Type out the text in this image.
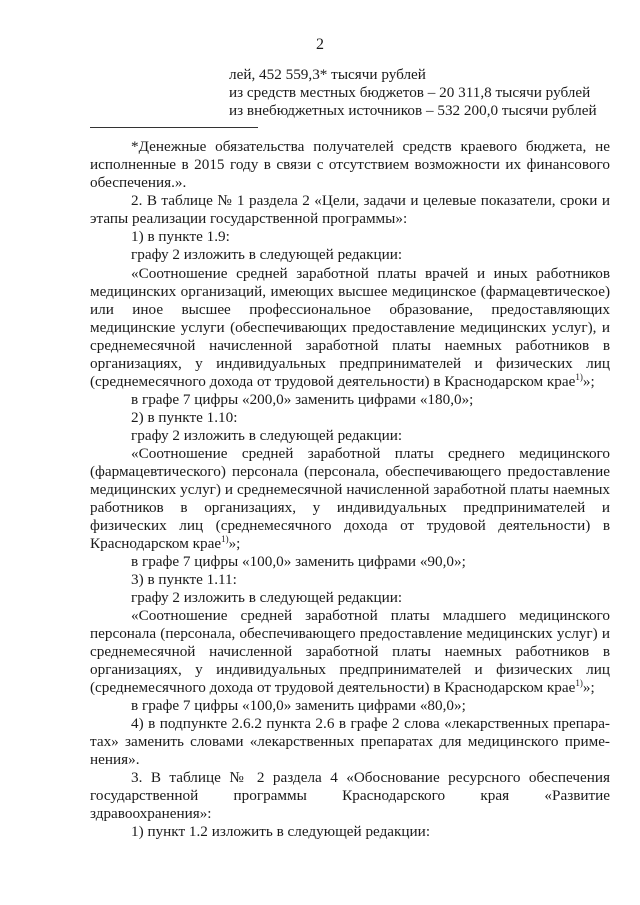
2
лей, 452 559,3* тысячи рублей
из средств местных бюджетов – 20 311,8 тысячи рублей
из внебюджетных источников – 532 200,0 тысячи рублей
*Денежные обязательства получателей средств краевого бюджета, не
исполненные в 2015 году в связи с отсутствием возможности их финансового
обеспечения.».
2. В таблице № 1 раздела 2 «Цели, задачи и целевые показатели, сроки и
этапы реализации государственной программы»:
1) в пункте 1.9:
графу 2 изложить в следующей редакции:
«Соотношение средней заработной платы врачей и иных работников
медицинских организаций, имеющих высшее медицинское (фармацевтическое)
или иное высшее профессиональное образование, предоставляющих
медицинские услуги (обеспечивающих предоставление медицинских услуг), и
среднемесячной начисленной заработной платы наемных работников в
организациях, у индивидуальных предпринимателей и физических лиц
(среднемесячного дохода от трудовой деятельности) в Краснодарском крае$^{1)}$»;
в графе 7 цифры «200,0» заменить цифрами «180,0»;
2) в пункте 1.10:
графу 2 изложить в следующей редакции:
«Соотношение средней заработной платы среднего медицинского
(фармацевтического) персонала (персонала, обеспечивающего предоставление
медицинских услуг) и среднемесячной начисленной заработной платы наемных
работников в организациях, у индивидуальных предпринимателей и
физических лиц (среднемесячного дохода от трудовой деятельности) в
Краснодарском крае$^{1)}$»;
в графе 7 цифры «100,0» заменить цифрами «90,0»;
3) в пункте 1.11:
графу 2 изложить в следующей редакции:
«Соотношение средней заработной платы младшего медицинского
персонала (персонала, обеспечивающего предоставление медицинских услуг) и
среднемесячной начисленной заработной платы наемных работников в
организациях, у индивидуальных предпринимателей и физических лиц
(среднемесячного дохода от трудовой деятельности) в Краснодарском крае$^{1)}$»;
в графе 7 цифры «100,0» заменить цифрами «80,0»;
4) в подпункте 2.6.2 пункта 2.6 в графе 2 слова «лекарственных препара-
тах» заменить словами «лекарственных препаратах для медицинского приме-
нения».
3. В таблице № 2 раздела 4 «Обоснование ресурсного обеспечения
государственной программы Краснодарского края «Развитие
здравоохранения»:
1) пункт 1.2 изложить в следующей редакции:
